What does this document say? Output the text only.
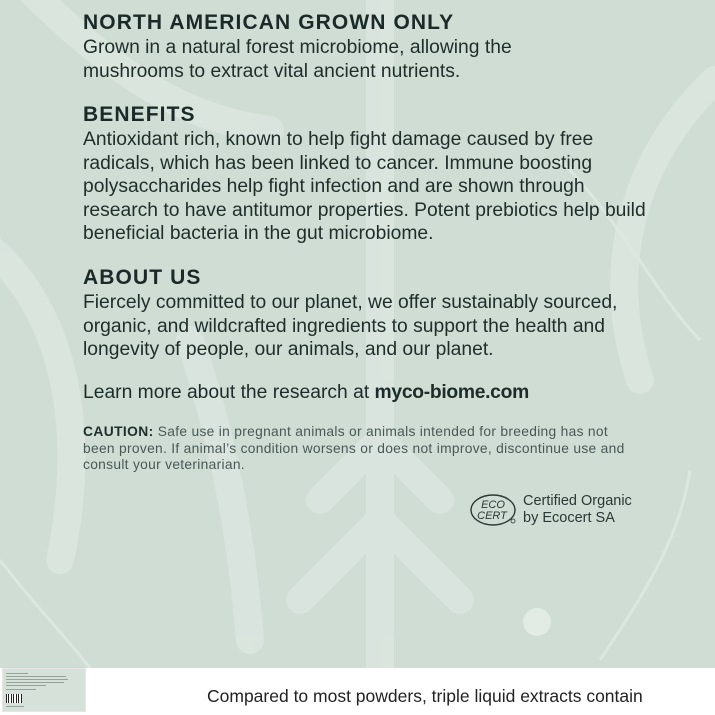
NORTH AMERICAN GROWN ONLY

Grown in a natural forest microbiome, allowing the mushrooms to extract vital ancient nutrients.

BENEFITS

Antioxidant rich, known to help fight damage caused by free radicals, which has been linked to cancer. Immune boosting polysaccharides help fight infection and are shown through research to have antitumor properties. Potent prebiotics help build beneficial bacteria in the gut microbiome.

ABOUT US

Fiercely committed to our planet, we offer sustainably sourced, organic, and wildcrafted ingredients to support the health and longevity of people, our animals, and our planet.

Learn more about the research at myco-biome.com
CAUTION: Safe use in pregnant animals or animals intended for breeding has not been proven. If animal’s condition worsens or does not improve, discontinue use and consult your veterinarian.
ECO
CERT
Certified Organic
by Ecocert SA
Compared to most powders, triple liquid extracts contain
